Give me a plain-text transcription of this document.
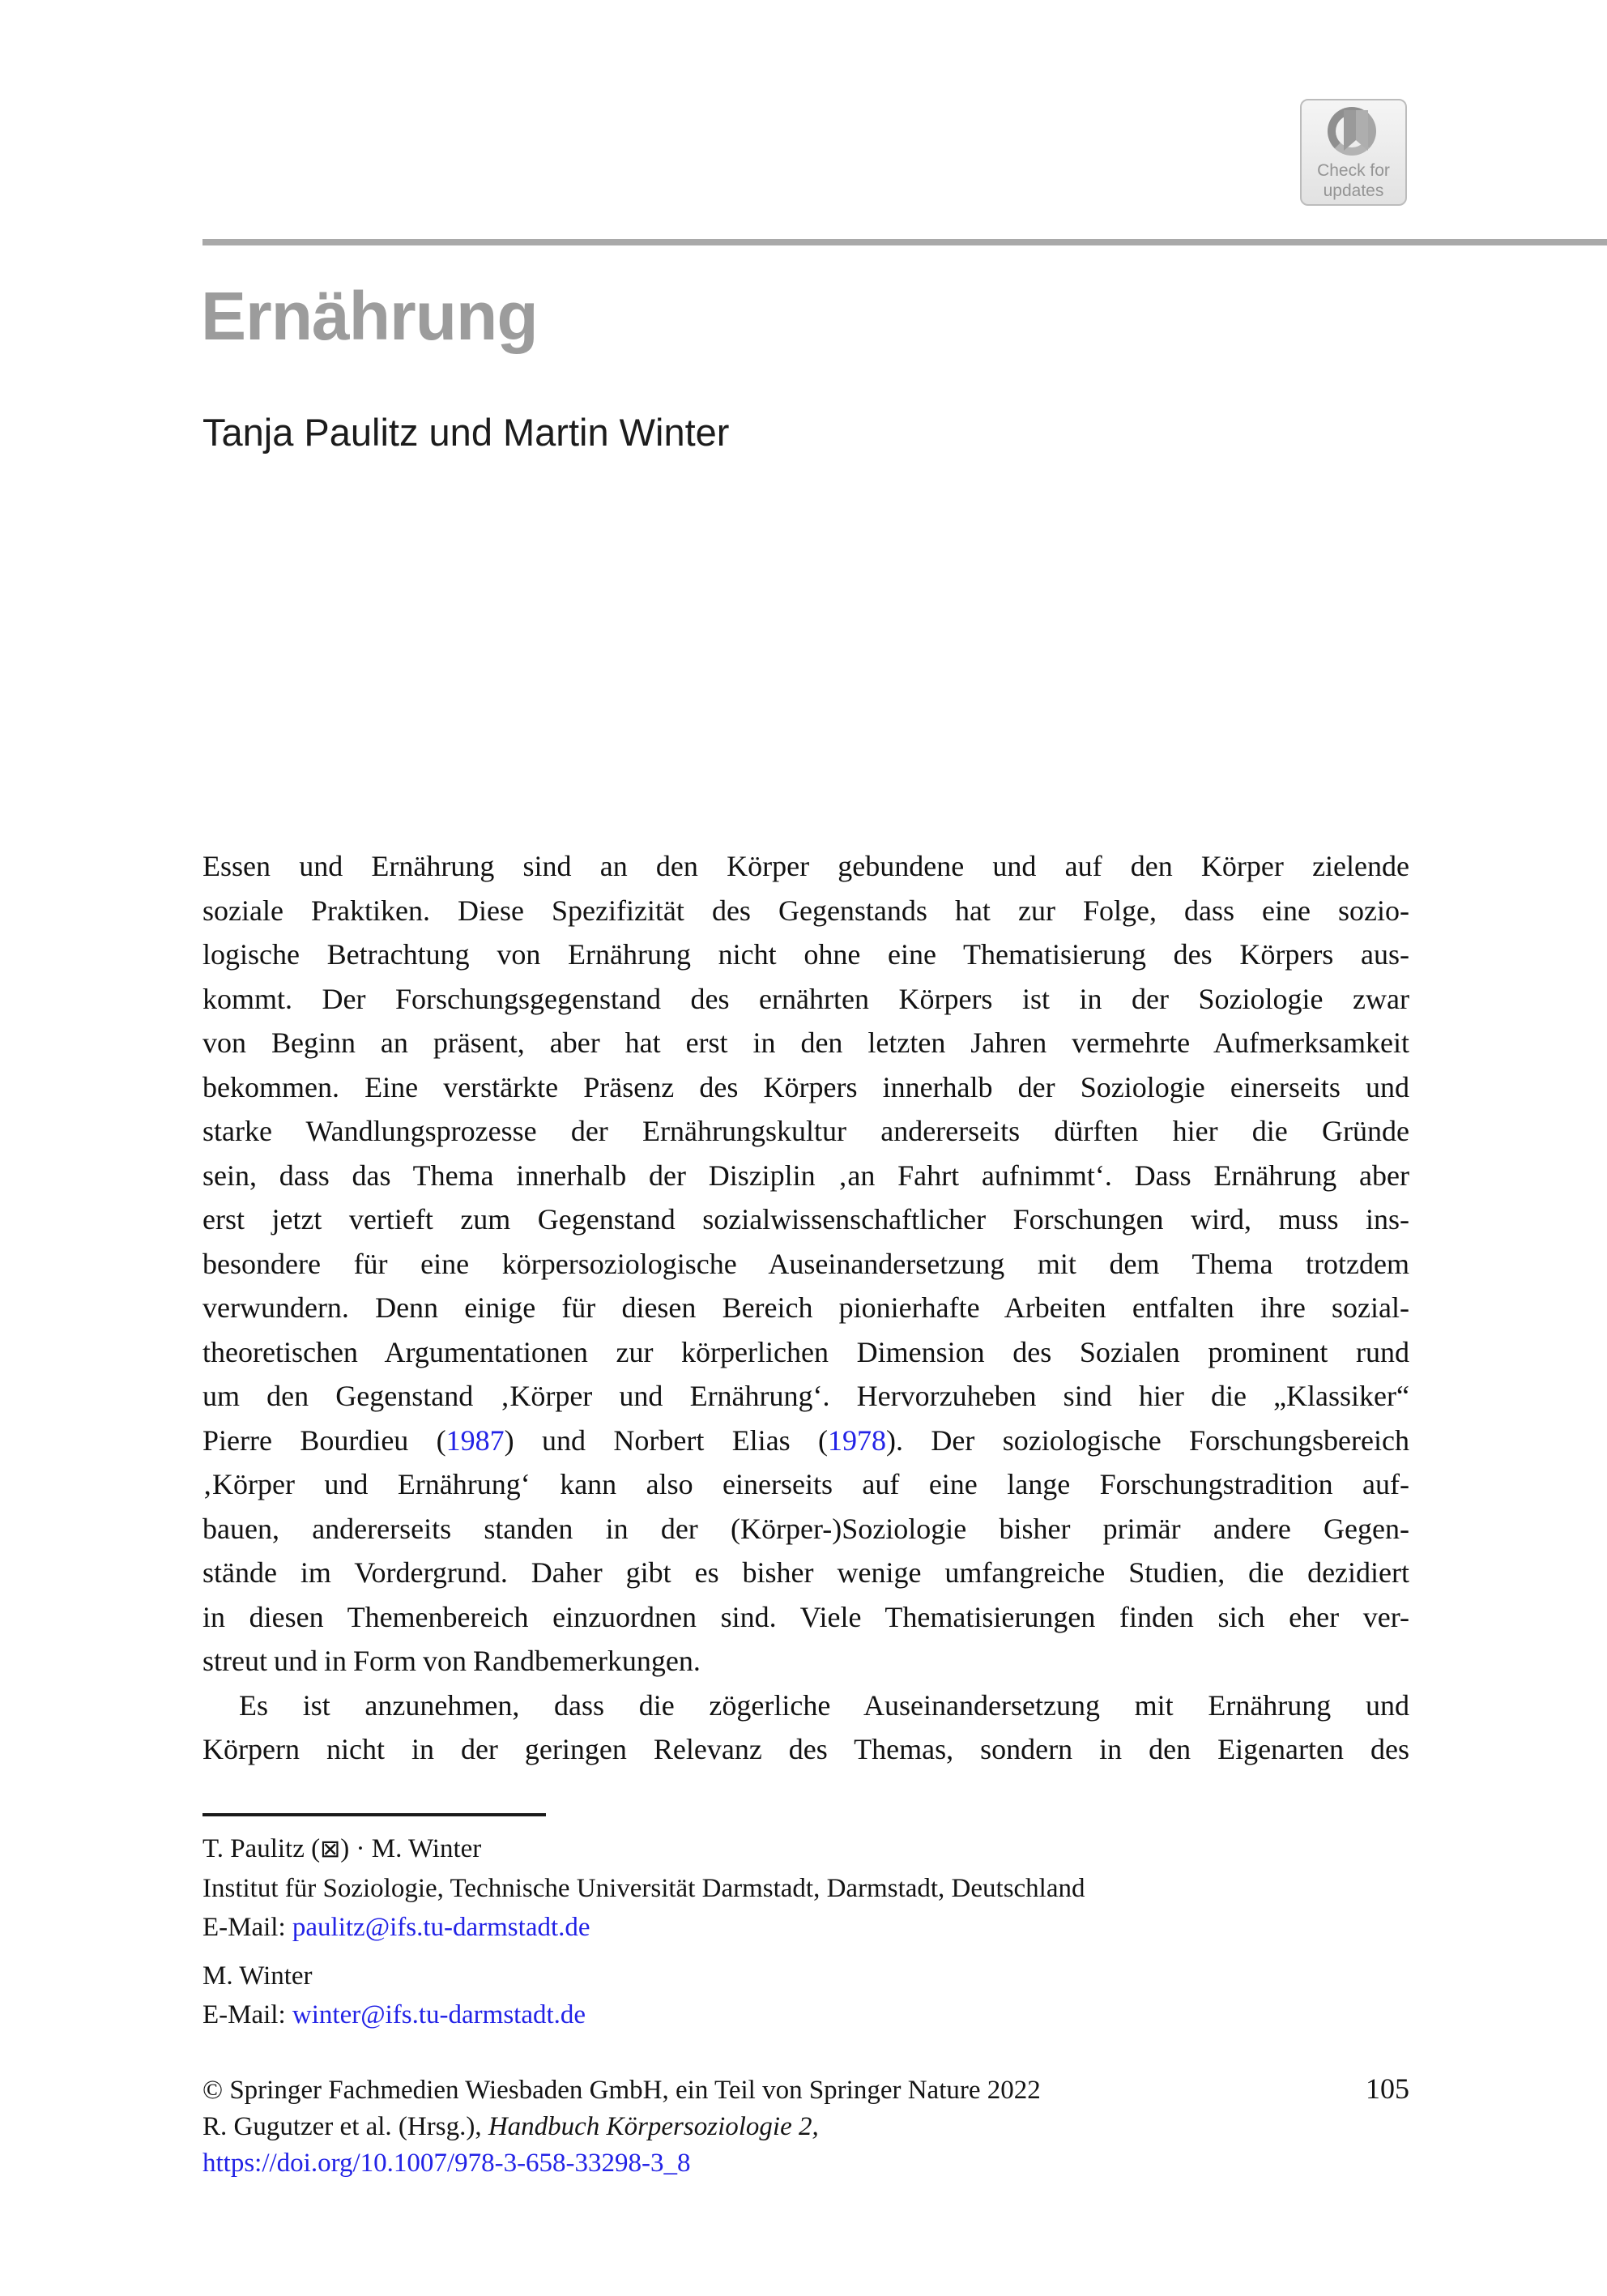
Check for
updates
Ernährung
Tanja Paulitz und Martin Winter
Essen und Ernährung sind an den Körper gebundene und auf den Körper zielende
soziale Praktiken. Diese Spezifizität des Gegenstands hat zur Folge, dass eine sozio-
logische Betrachtung von Ernährung nicht ohne eine Thematisierung des Körpers aus-
kommt. Der Forschungsgegenstand des ernährten Körpers ist in der Soziologie zwar
von Beginn an präsent, aber hat erst in den letzten Jahren vermehrte Aufmerksamkeit
bekommen. Eine verstärkte Präsenz des Körpers innerhalb der Soziologie einerseits und
starke Wandlungsprozesse der Ernährungskultur andererseits dürften hier die Gründe
sein, dass das Thema innerhalb der Disziplin ‚an Fahrt aufnimmt‘. Dass Ernährung aber
erst jetzt vertieft zum Gegenstand sozialwissenschaftlicher Forschungen wird, muss ins-
besondere für eine körpersoziologische Auseinandersetzung mit dem Thema trotzdem
verwundern. Denn einige für diesen Bereich pionierhafte Arbeiten entfalten ihre sozial-
theoretischen Argumentationen zur körperlichen Dimension des Sozialen prominent rund
um den Gegenstand ‚Körper und Ernährung‘. Hervorzuheben sind hier die „Klassiker“
Pierre Bourdieu (1987) und Norbert Elias (1978). Der soziologische Forschungsbereich
‚Körper und Ernährung‘ kann also einerseits auf eine lange Forschungstradition auf-
bauen, andererseits standen in der (Körper-)Soziologie bisher primär andere Gegen-
stände im Vordergrund. Daher gibt es bisher wenige umfangreiche Studien, die dezidiert
in diesen Themenbereich einzuordnen sind. Viele Thematisierungen finden sich eher ver-
streut und in Form von Randbemerkungen.
Es ist anzunehmen, dass die zögerliche Auseinandersetzung mit Ernährung und
Körpern nicht in der geringen Relevanz des Themas, sondern in den Eigenarten des
T. Paulitz (⊠) · M. Winter
Institut für Soziologie, Technische Universität Darmstadt, Darmstadt, Deutschland
E-Mail: paulitz@ifs.tu-darmstadt.de
M. Winter
E-Mail: winter@ifs.tu-darmstadt.de
105
© Springer Fachmedien Wiesbaden GmbH, ein Teil von Springer Nature 2022
R. Gugutzer et al. (Hrsg.), Handbuch Körpersoziologie 2,
https://doi.org/10.1007/978-3-658-33298-3_8
